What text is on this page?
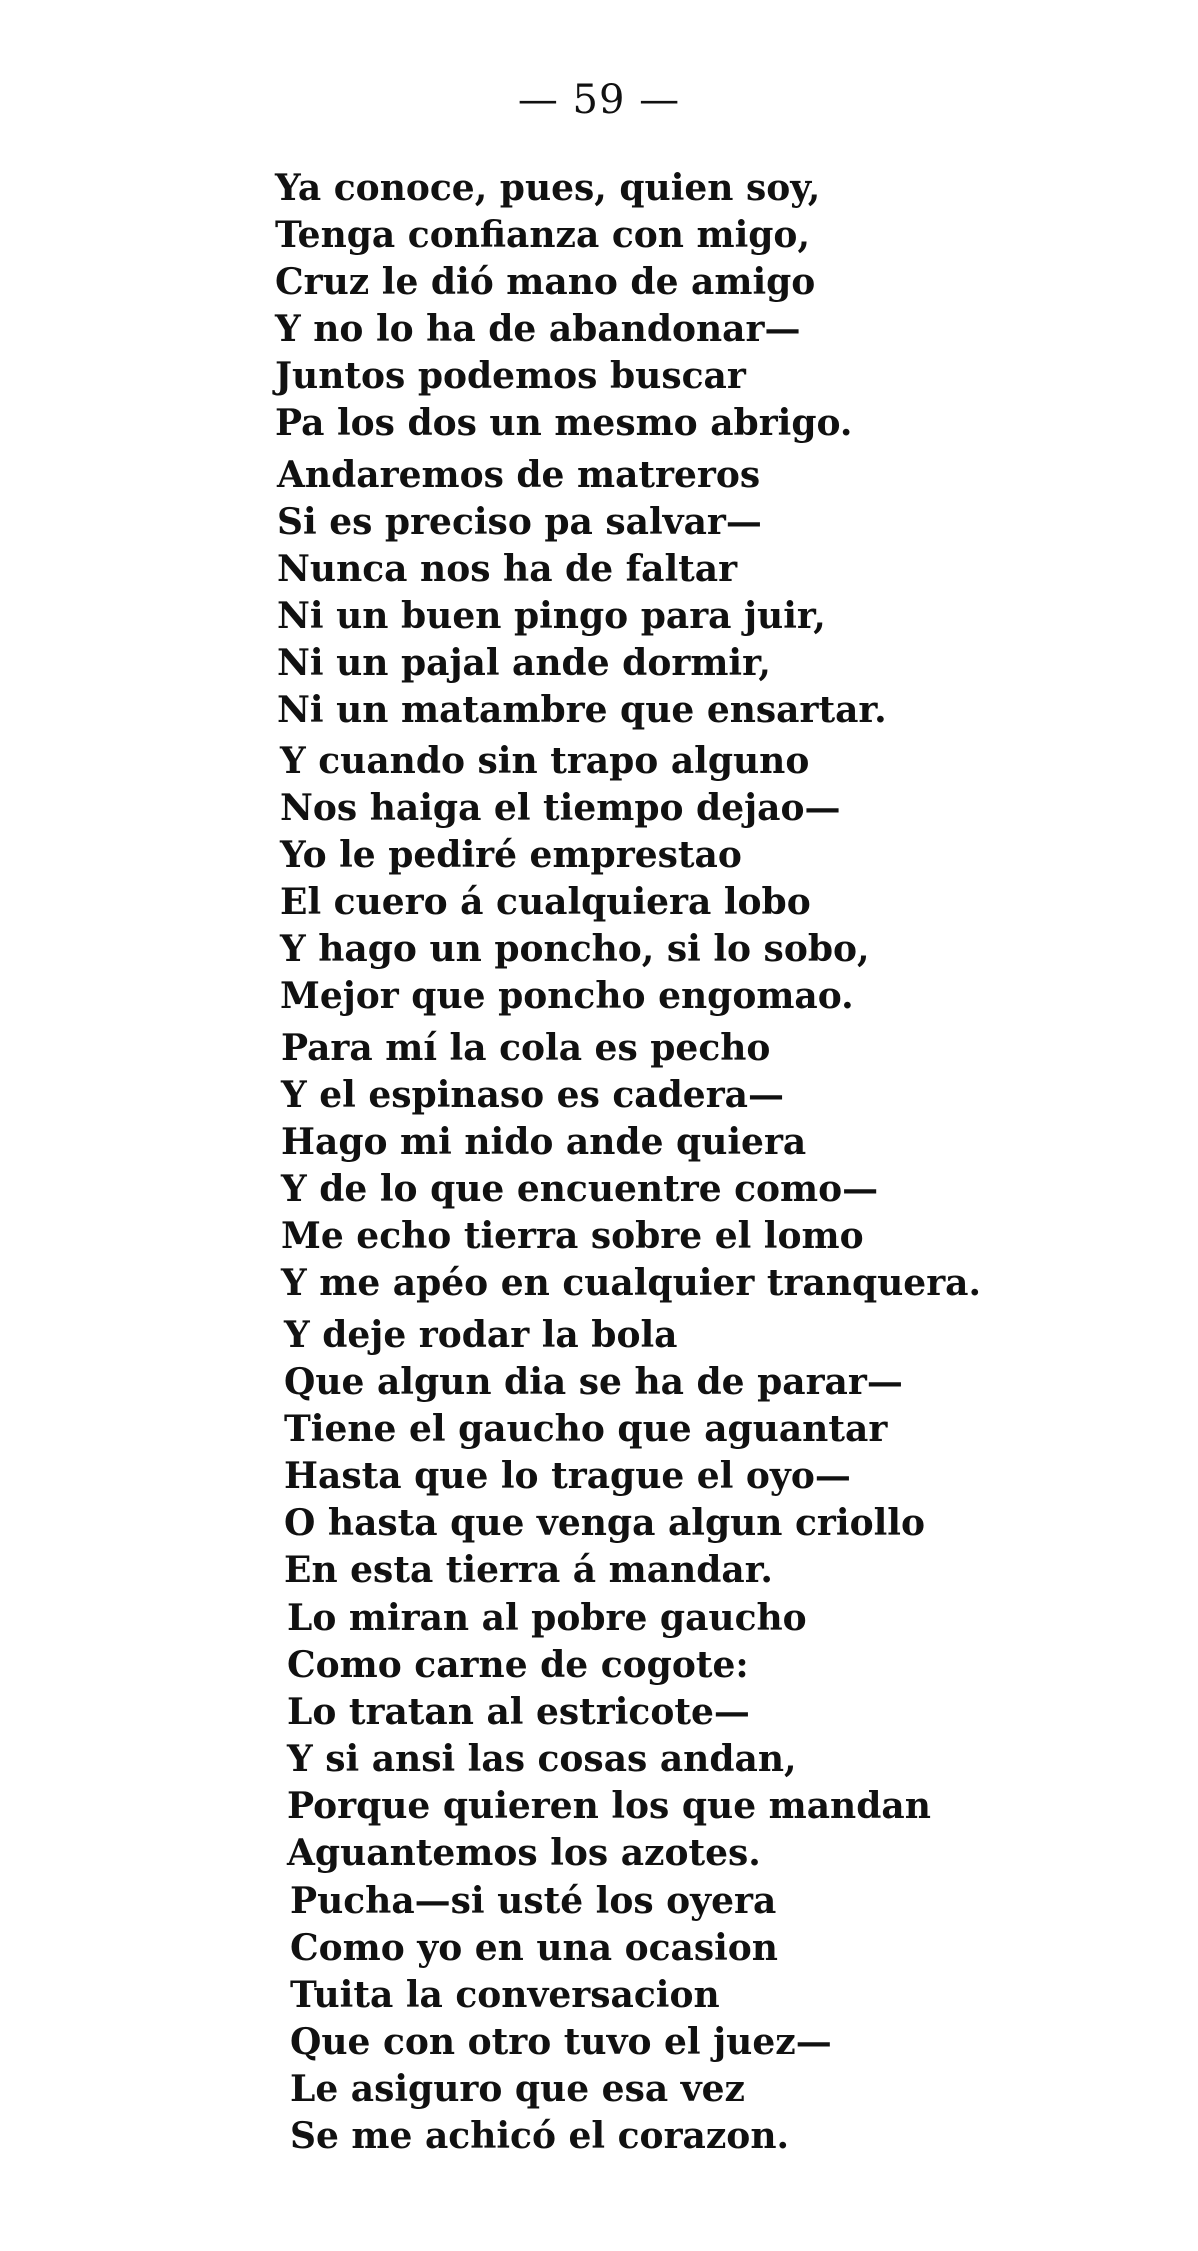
— 59 —
Ya conoce, pues, quien soy,
Tenga confianza con migo,
Cruz le dió mano de amigo
Y no lo ha de abandonar—
Juntos podemos buscar
Pa los dos un mesmo abrigo.
Andaremos de matreros
Si es preciso pa salvar—
Nunca nos ha de faltar
Ni un buen pingo para juir,
Ni un pajal ande dormir,
Ni un matambre que ensartar.
Y cuando sin trapo alguno
Nos haiga el tiempo dejao—
Yo le pediré emprestao
El cuero á cualquiera lobo
Y hago un poncho, si lo sobo,
Mejor que poncho engomao.
Para mí la cola es pecho
Y el espinaso es cadera—
Hago mi nido ande quiera
Y de lo que encuentre como—
Me echo tierra sobre el lomo
Y me apéo en cualquier tranquera.
Y deje rodar la bola
Que algun dia se ha de parar—
Tiene el gaucho que aguantar
Hasta que lo trague el oyo—
O hasta que venga algun criollo
En esta tierra á mandar.
Lo miran al pobre gaucho
Como carne de cogote:
Lo tratan al estricote—
Y si ansi las cosas andan,
Porque quieren los que mandan
Aguantemos los azotes.
Pucha—si usté los oyera
Como yo en una ocasion
Tuita la conversacion
Que con otro tuvo el juez—
Le asiguro que esa vez
Se me achicó el corazon.
